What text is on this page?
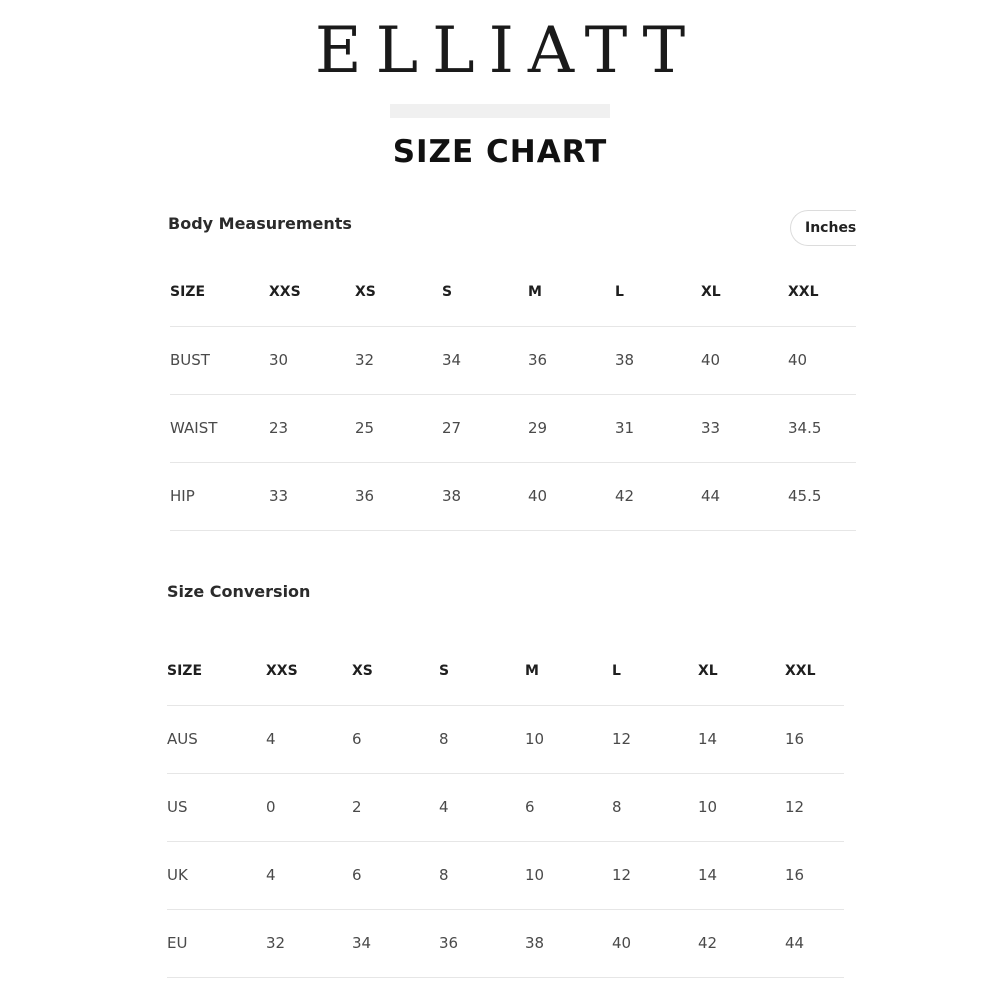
ELLIATT
SIZE CHART
Body Measurements	Inches
SIZE	XXS	XS	S	M	L	XL	XXL
BUST	30	32	34	36	38	40	40
WAIST	23	25	27	29	31	33	34.5
HIP	33	36	38	40	42	44	45.5
Size Conversion
SIZE	XXS	XS	S	M	L	XL	XXL
AUS	4	6	8	10	12	14	16
US	0	2	4	6	8	10	12
UK	4	6	8	10	12	14	16
EU	32	34	36	38	40	42	44
